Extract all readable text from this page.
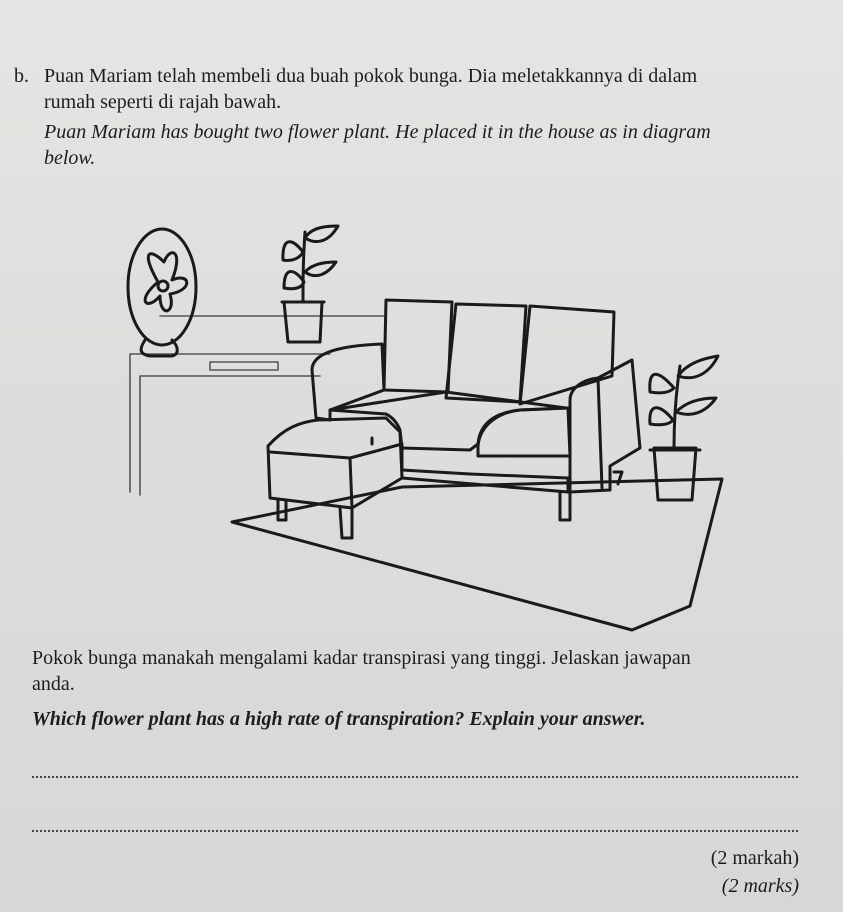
b. Puan Mariam telah membeli dua buah pokok bunga. Dia meletakkannya di dalam
rumah seperti di rajah bawah.
Puan Mariam has bought two flower plant. He placed it in the house as in diagram
below.
Pokok bunga manakah mengalami kadar transpirasi yang tinggi. Jelaskan jawapan
anda.
Which flower plant has a high rate of transpiration? Explain your answer.
(2 markah)
(2 marks)
